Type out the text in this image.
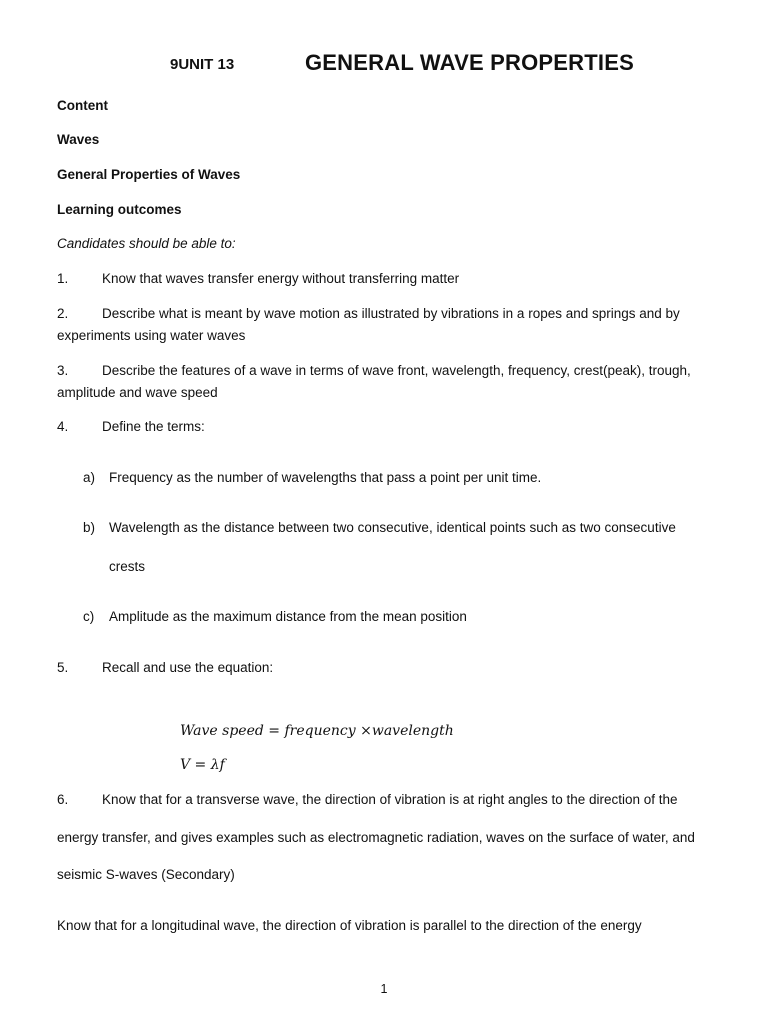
9UNIT 13	GENERAL WAVE PROPERTIES
Content
Waves
General Properties of Waves
Learning outcomes
Candidates should be able to:
1. Know that waves transfer energy without transferring matter
2. Describe what is meant by wave motion as illustrated by vibrations in a ropes and springs and by
experiments using water waves
3. Describe the features of a wave in terms of wave front, wavelength, frequency, crest(peak), trough,
amplitude and wave speed
4. Define the terms:
a) Frequency as the number of wavelengths that pass a point per unit time.
b) Wavelength as the distance between two consecutive, identical points such as two consecutive
crests
c) Amplitude as the maximum distance from the mean position
5. Recall and use the equation:
Wave speed = frequency ×wavelength
V = λf
6. Know that for a transverse wave, the direction of vibration is at right angles to the direction of the
energy transfer, and gives examples such as electromagnetic radiation, waves on the surface of water, and
seismic S-waves (Secondary)
Know that for a longitudinal wave, the direction of vibration is parallel to the direction of the energy
1
